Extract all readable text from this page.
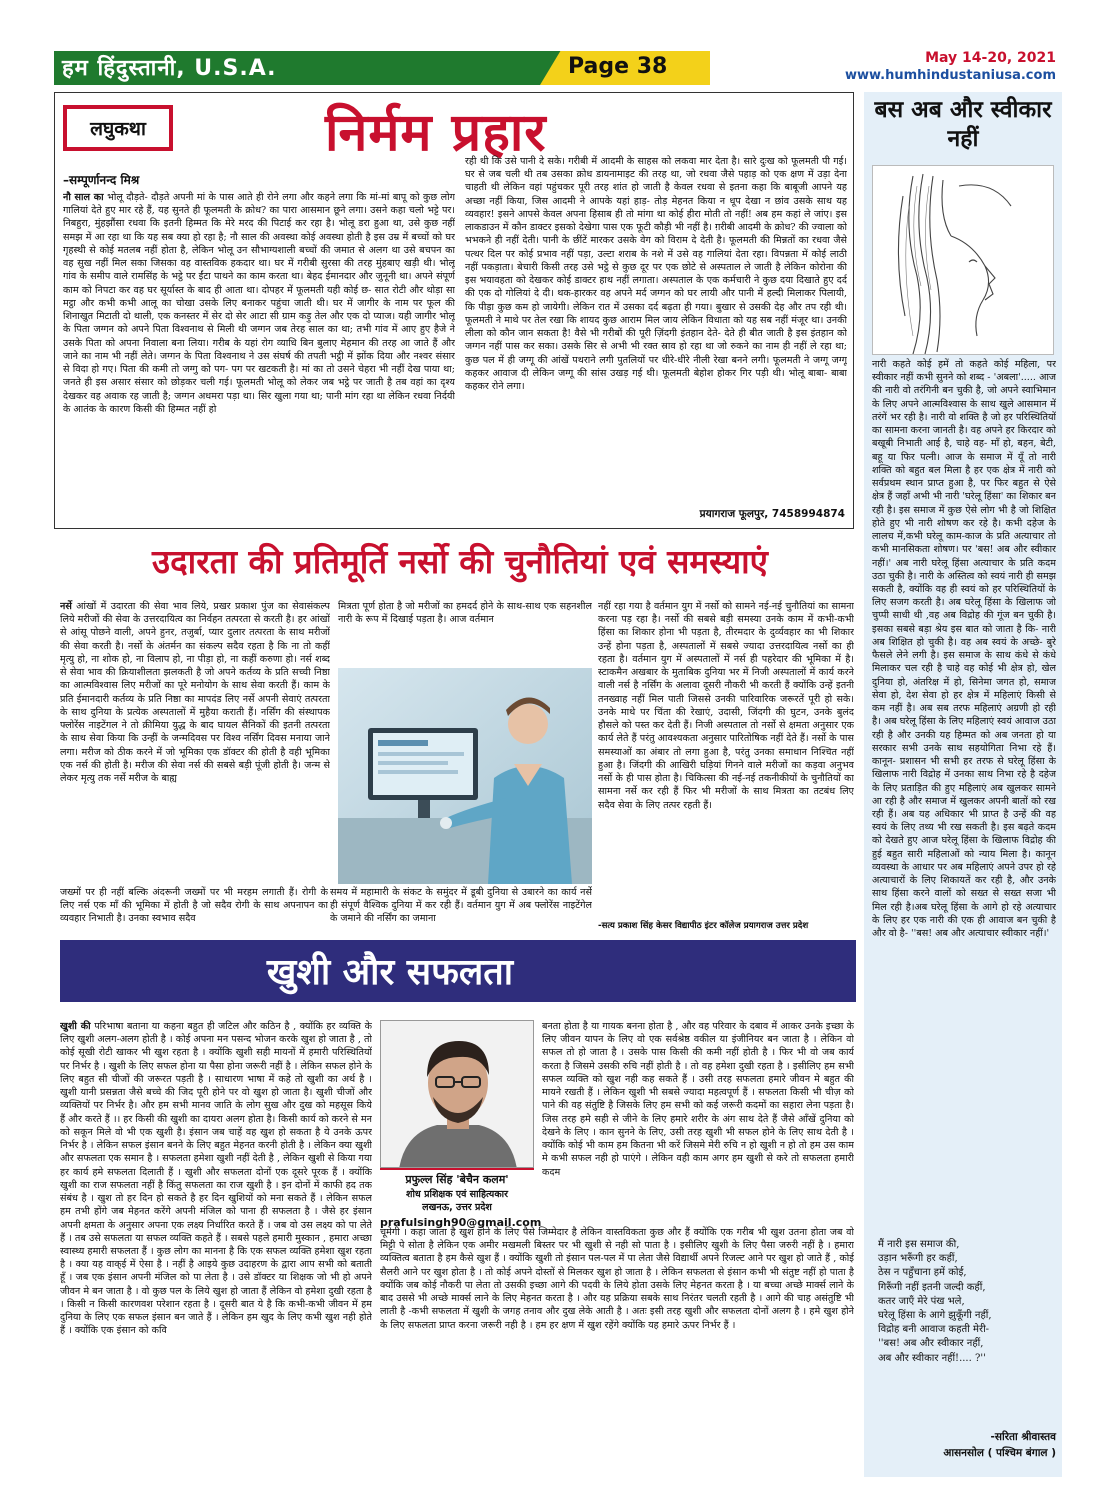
हम हिंदुस्तानी, U.S.A.	Page 38	May 14-20, 2021
www.humhindustaniusa.com
लघुकथा	निर्मम प्रहार
–सम्पूर्णानन्द मिश्र
नौ साल का भोलू दौड़ते- दौड़ते अपनी मां के पास आते ही रोने लगा और कहने लगा कि मां-मां बापू को कुछ लोग गालियां देते हुए मार रहे हैं, यह सुनते ही फूलमती के क्रोध? का पारा आसमान छूने लगा। उसने कहा चलो भट्टे पर। निबहुरा, मुंहझौंसा रधवा कि इतनी हिम्मत कि मेरे मरद की पिटाई कर रहा है। भोलू डरा हुआ था, उसे कुछ नहीं समझ में आ रहा था कि यह सब क्या हो रहा है; नौ साल की अवस्था कोई अवस्था होती है इस उम्र में बच्चों को घर गृहस्थी से कोई मतलब नहीं होता है, लेकिन भोलू उन सौभाग्यशाली बच्चों की जमात से अलग था उसे बचपन का वह सुख नहीं मिल सका जिसका वह वास्तविक हकदार था। घर में गरीबी सुरसा की तरह मुंहबाए खड़ी थी। भोलू गांव के समीप वाले रामसिंह के भट्ठे पर ईंटा पाथने का काम करता था। बेहद ईमानदार और जुनूनी था। अपने संपूर्ण काम को निपटा कर वह घर सूर्यास्त के बाद ही आता था। दोपहर में फूलमती यही कोई छ- सात रोटी और थोड़ा सा मट्ठा और कभी कभी आलू का चोखा उसके लिए बनाकर पहुंचा जाती थी। घर में जागीर के नाम पर फूल की शिनाखुत मिटाती दो थाली, एक कनस्तर में सेर दो सेर आटा सी ग्राम कड़ु तेल और एक दो प्याज। यही जागीर भोलू के पिता जग्गन को अपने पिता विश्वनाथ से मिली थी जग्गन जब तेरह साल का था; तभी गांव में आए हुए हैजे ने उसके पिता को अपना निवाला बना लिया। गरीब के यहां रोग व्याधि बिन बुलाए मेहमान की तरह आ जाते हैं और जाने का नाम भी नहीं लेते। जग्गन के पिता विश्वनाथ ने उस संघर्ष की तपती भट्ठी में झोंक दिया और नश्वर संसार से विदा हो गए। पिता की कमी तो जग्गु को पग- पग पर खटकती है। मां का तो उसने चेहरा भी नहीं देख पाया था; जनते ही इस असार संसार को छोड़कर चली गई। फूलमती भोलू को लेकर जब भट्ठे पर जाती है तब वहां का दृश्य देखकर वह अवाक रह जाती है; जग्गन अधमरा पड़ा था। सिर खुला गया था; पानी मांग रहा था लेकिन रधवा निर्दयी के आतंक के कारण किसी की हिम्मत नहीं हो
रही थी कि उसे पानी दे सके। गरीबी में आदमी के साहस को लकवा मार देता है। सारे दुःख को फूलमती पी गई। घर से जब चली थी तब उसका क्रोध डायनामाइट की तरह था, जो रधवा जैसे पहाड़ को एक क्षण में उड़ा देना चाहती थी लेकिन वहां पहुंचकर पूरी तरह शांत हो जाती है केवल रधवा से इतना कहा कि बाबूजी आपने यह अच्छा नहीं किया, जिस आदमी ने आपके यहां हाड़- तोड़ मेहनत किया न धूप देखा न छांव उसके साथ यह व्यवहार! इसने आपसे केवल अपना हिसाब ही तो मांगा था कोई हीरा मोती तो नहीं! अब हम कहां ले जांए। इस लाकडाउन में कौन डाक्टर इसको देखेगा पास एक फूटी कौड़ी भी नहीं है। ग़रीबी आदमी के क्रोध? की ज्वाला को भभकने ही नहीं देती। पानी के छींटें मारकर उसके वेग को विराम दे देती है। फूलमती की मिन्नतों का रधवा जैसे पत्थर दिल पर कोई प्रभाव नहीं पड़ा, उल्टा शराब के नशे में उसे वह गालियां देता रहा। विपन्नता में कोई लाठी नहीं पकड़ाता। बेचारी किसी तरह उसे भट्ठे से कुछ दूर पर एक छोटे से अस्पताल ले जाती है लेकिन कोरोना की इस भयावहता को देखकर कोई डाक्टर हाथ नहीं लगाता। अस्पताल के एक कर्मचारी ने कुछ दया दिखाते हुए दर्द की एक दो गोलियां दे दी। थक-हारकर वह अपने मर्द जग्गन को घर लायी और पानी में हल्दी मिलाकर पिलायी, कि पीड़ा कुछ कम हो जायेगी। लेकिन रात में उसका दर्द बढ़ता ही गया। बुखार से उसकी देह और तप रही थी। फूलमती ने माथे पर तेल रखा कि शायद कुछ आराम मिल जाय लेकिन विधाता को यह सब नहीं मंजूर था। उनकी लीला को कौन जान सकता है! वैसे भी गरीबों की पूरी ज़िंदगी इंतहान देते- देते ही बीत जाती है इस इंतहान को जग्गन नहीं पास कर सका। उसके सिर से अभी भी रक्त स्राव हो रहा था जो रुकने का नाम ही नहीं ले रहा था; कुछ पल में ही जग्गू की आंखें पथराने लगी पुतलियों पर धीरे-धीरे नीली रेखा बनने लगी। फूलमती ने जग्गू जग्गू कहकर आवाज दी लेकिन जग्गू की सांस उखड़ गई थी। फूलमती बेहोश होकर गिर पड़ी थी। भोलू बाबा- बाबा कहकर रोने लगा।
प्रयागराज फूलपुर, 7458994874
उदारता की प्रतिमूर्ति नर्सो की चुनौतियां एवं समस्याएं
नर्से आंखों में उदारता की सेवा भाव लिये, प्रखर प्रकाश पुंज का सेवासंकल्प लिये मरीजों की सेवा के उत्तरदायित्व का निर्वहन तत्परता से करती है। हर आंखों से आंसू पोछने वाली, अपने हुनर, तजुर्बा, प्यार दुलार तत्परता के साथ मरीजों की सेवा करती है। नर्सो के अंतर्मन का संकल्प सदैव रहता है कि ना तो कहीं मृत्यु हो, ना शोक हो, ना विलाप हो, ना पीड़ा हो, ना कहीं करुणा हो। नर्स शब्द से सेवा भाव की क्रियाशीलता झलकती है जो अपने कर्तव्य के प्रति सच्ची निष्ठा का आत्मविश्वास लिए मरीजों का पूरे मनोयोग के साथ सेवा करती हैं। काम के प्रति ईमानदारी कर्तव्य के प्रति निष्ठा का मापदंड लिए नर्से अपनी सेवाएं तत्परता के साथ दुनिया के प्रत्येक अस्पतालों में मुहैया कराती हैं। नर्सिंग की संस्थापक फ्लोरेंस नाइटेंगल ने तो क्रीमिया युद्ध के बाद घायल सैनिकों की इतनी तत्परता के साथ सेवा किया कि उन्हीं के जन्मदिवस पर विश्व नर्सिंग दिवस मनाया जाने लगा। मरीज को ठीक करने में जो भूमिका एक डॉक्टर की होती है वही भूमिका एक नर्स की होती है। मरीज की सेवा नर्स की सबसे बड़ी पूंजी होती है। जन्म से लेकर मृत्यु तक नर्से मरीज के बाह्य
मित्रता पूर्ण होता है जो मरीजों का हमदर्द होने के साथ-साथ एक सहनशील नारी के रूप में दिखाई पड़ता है। आज वर्तमान
जख्मों पर ही नहीं बल्कि अंदरूनी जख्मों पर भी मरहम लगाती हैं। रोगी के लिए नर्स एक माँ की भूमिका में होती है जो सदैव रोगी के साथ अपनापन का व्यवहार निभाती है। उनका स्वभाव सदैव
समय में महामारी के संकट के समुंदर में डूबी दुनिया से उबारने का कार्य नर्से ही संपूर्ण वैश्विक दुनिया में कर रही हैं। वर्तमान युग में अब फ्लोरेंस नाइटेंगेल के जमाने की नर्सिंग का जमाना
नहीं रहा गया है वर्तमान युग में नर्सो को सामने नई-नई चुनौतियां का सामना करना पड़ रहा है। नर्सो की सबसे बड़ी समस्या उनके काम में कभी-कभी हिंसा का शिकार होना भी पड़ता है, तीरमदार के दुर्व्यवहार का भी शिकार उन्हें होना पड़ता है, अस्पतालों में सबसे ज्यादा उत्तरदायित्व नर्सो का ही रहता है। वर्तमान युग में अस्पतालों में नर्स ही पहरेदार की भूमिका में है। स्टाकमैन अखबार के मुताबिक दुनिया भर में निजी अस्पतालों में कार्य करने वाली नर्स है नर्सिंग के अलावा दूसरी नौकरी भी करती हैं क्योंकि उन्हें इतनी तनख्वाह नहीं मिल पाती जिससे उनकी पारिवारिक जरूरतें पूरी हो सके। उनके माथे पर चिंता की रेखाएं, उदासी, जिंदगी की घुटन, उनके बुलंद हौसले को पस्त कर देती हैं। निजी अस्पताल तो नर्सो से क्षमता अनुसार एक कार्य लेते हैं परंतु आवश्यकता अनुसार पारितोषिक नहीं देते हैं। नर्सो के पास समस्याओं का अंबार तो लगा हुआ है, परंतु उनका समाधान निश्चित नहीं हुआ है। जिंदगी की आखिरी घड़ियां गिनने वाले मरीजों का कड़वा अनुभव नर्सो के ही पास होता है। चिकित्सा की नई-नई तकनीकीयों के चुनौतियों का सामना नर्से कर रही हैं फिर भी मरीजों के साथ मित्रता का तटबंध लिए सदैव सेवा के लिए तत्पर रहती हैं।
-सत्य प्रकाश सिंह केसर विद्यापीठ इंटर कॉलेज प्रयागराज उत्तर प्रदेश
खुशी और सफलता
खुशी की परिभाषा बताना या कहना बहुत ही जटिल और कठिन है , क्योंकि हर व्यक्ति के लिए खुशी अलग-अलग होती है । कोई अपना मन पसन्द भोजन करके खुश हो जाता है , तो कोई सूखी रोटी खाकर भी खुश रहता है । क्योंकि खुशी सही मायनों में हमारी परिस्थितियों पर निर्भर है । खुशी के लिए सफल होना या पैसा होना जरूरी नहीं है । लेकिन सफल होने के लिए बहुत सी चीजों की जरूरत पड़ती है । साधारण भाषा में कहे तो खुशी का अर्थ है । खुशी यानी प्रसन्नता जैसे बच्चे की जिद पूरी होने पर वो खुश हो जाता है। खुशी चीजों और व्यक्तियों पर निर्भर है। और हम सभी मानव जाति के लोग सुख और दुख को महसूस किये हैं और करते हैं ।। हर किसी की खुशी का दायरा अलग होता है। किसी कार्य को करने से मन को सकून मिले वो भी एक खुशी है। इंसान जब चाहें वह खुश हो सकता है ये उनके ऊपर निर्भर है । लेकिन सफल इंसान बनने के लिए बहुत मेहनत करनी होती है । लेकिन क्या खुशी और सफलता एक समान है । सफलता हमेशा खुशी नहीं देती है , लेकिन खुशी से किया गया हर कार्य हमे सफलता दिलाती हैं । खुशी और सफलता दोनों एक दूसरे पूरक हैं । क्योंकि खुशी का राज सफलता नहीं है किंतु सफलता का राज खुशी है । इन दोनों में काफी हद तक संबंध है । खुश तो हर दिन हो सकते है हर दिन खुशियों को मना सकते हैं । लेकिन सफल हम तभी होंगे जब मेहनत करेंगे अपनी मंजिल को पाना ही सफलता है । जैसे हर इंसान अपनी क्षमता के अनुसार अपना एक लक्ष्य निर्धारित करते हैं । जब वो उस लक्ष्य को पा लेते हैं । तब उसे सफलता या सफल व्यक्ति कहते हैं । सबसे पहले हमारी मुस्कान , हमारा अच्छा स्वास्थ्य हमारी सफलता हैं । कुछ लोग का मानना है कि एक सफल व्यक्ति हमेशा खुश रहता है । क्या यह वाक्ई में ऐसा है । नहीं है आइये कुछ उदाहरण के द्वारा आप सभी को बताती हूँ । जब एक इंसान अपनी मंजिल को पा लेता है । उसे डॉक्टर या शिक्षक जो भी हो अपने जीवन मे बन जाता है । वो कुछ पल के लिये खुश हो जाता हैं लेकिन वो हमेशा दुखी रहता है । किसी न किसी कारणवश परेशान रहता है । दूसरी बात ये है कि कभी-कभी जीवन में हम दुनिया के लिए एक सफल इंसान बन जाते हैं । लेकिन हम खुद के लिए कभी खुश नही होते हैं । क्योंकि एक इंसान को कवि
प्रफुल्ल सिंह 'बेचैन कलम'
शोध प्रशिक्षक एवं साहित्यकार
लखनऊ, उत्तर प्रदेश
prafulsingh90@gmail.com
बनता होता है या गायक बनना होता है , और वह परिवार के दबाव में आकर उनके इच्छा के लिए जीवन यापन के लिए वो एक सर्वश्रेष्ठ वकील या इंजीनियर बन जाता है । लेकिन वो सफल तो हो जाता है । उसके पास किसी की कमी नहीं होती है । फिर भी वो जब कार्य करता है जिसमे उसकी रुचि नहीं होती है । तो वह हमेशा दुखी रहता है । इसीलिए हम सभी सफल व्यक्ति को खुश नही कह सकते हैं । उसी तरह सफलता हमारे जीवन मे बहुत की मायने रखती हैं । लेकिन खुशी भी सबसे ज्यादा महत्वपूर्ण हैं । सफलता किसी भी चीज़ को पाने की वह संतुष्टि है जिसके लिए हम सभी को कई जरूरी कदमों का सहारा लेना पड़ता है। जिस तरह हमे सही से जीने के लिए हमारे शरीर के अंग साथ देते हैं जैसे आँखें दुनिया को देखने के लिए । कान सुनने के लिए, उसी तरह खुशी भी सफल होने के लिए साथ देती है । क्योंकि कोई भी काम हम कितना भी करें जिसमे मेरी रुचि न हो खुशी न हो तो हम उस काम मे कभी सफल नही हो पाएंगे । लेकिन वही काम अगर हम खुशी से करे तो सफलता हमारी कदम
चूमेगी । कहा जाता है खुश होने के लिए पैसे जिम्मेदार है लेकिन वास्तविकता कुछ और हैं क्योंकि एक गरीब भी खुश उतना होता जब वो मिट्टी पे सोता है लेकिन एक अमीर मखमली बिस्तर पर भी खुशी से नही सो पाता है । इसीलिए खुशी के लिए पैसा जरुरी नहीं है । हमारा व्यक्तित्व बताता है हम कैसे खुश हैं । क्योंकि खुशी तो इंसान पल-पल में पा लेता जैसे विद्यार्थी अपने रिजल्ट आने पर खुश हो जाते हैं , कोई सैलरी आने पर खुश होता है । तो कोई अपने दोस्तों से मिलकर खुश हो जाता है । लेकिन सफलता से इंसान कभी भी संतुष्ट नहीं हो पाता है क्योंकि जब कोई नौकरी पा लेता तो उसकी इच्छा आगे की पदवी के लिये होता उसके लिए मेहनत करता है । या बच्चा अच्छे मार्क्स लाने के बाद उससे भी अच्छे मार्क्स लाने के लिए मेहनत करता है । और यह प्रक्रिया सबके साथ निरंतर चलती रहती है । आगे की चाह असंतुष्टि भी लाती है -कभी सफलता में खुशी के जगह तनाव और दुख लेके आती है । अतः इसी तरह खुशी और सफलता दोनों अलग है । हमे खुश होने के लिए सफलता प्राप्त करना जरूरी नही है । हम हर क्षण में खुश रहेंगे क्योंकि यह हमारे ऊपर निर्भर हैं ।
बस अब और स्वीकार नहीं
नारी कहते कोई हमें तो कहते कोई महिला, पर स्वीकार नहीं कभी सुनने को शब्द - 'अबला'..... आज की नारी वो तरंगिनी बन चुकी है, जो अपने स्वाभिमान के लिए अपने आत्मविश्वास के साथ खुले आसमान में तरंगें भर रही है। नारी वो शक्ति है जो हर परिस्थितियों का सामना करना जानती है। वह अपने हर किरदार को बखूबी निभाती आई है, चाहे वह- माँ हो, बहन, बेटी, बहू या फिर पत्नी। आज के समाज में यूँ तो नारी शक्ति को बहुत बल मिला है हर एक क्षेत्र में नारी को सर्वप्रथम स्थान प्राप्त हुआ है, पर फिर बहुत से ऐसे क्षेत्र हैं जहाँ अभी भी नारी 'घरेलू हिंसा' का शिकार बन रही है। इस समाज में कुछ ऐसे लोग भी है जो शिक्षित होते हुए भी नारी शोषण कर रहे है। कभी दहेज के लालच में,कभी घरेलू काम-काज के प्रति अत्याचार तो कभी मानसिकता शोषण। पर 'बस! अब और स्वीकार नहीं।' अब नारी घरेलू हिंसा अत्याचार के प्रति कदम उठा चुकी है। नारी के अस्तित्व को स्वयं नारी ही समझ सकती है, क्योंकि वह ही स्वयं को हर परिस्थितियों के लिए सजग करती है। अब घरेलू हिंसा के खिलाफ जो चुप्पी साधी थी ,वह अब विद्रोह की गूंज बन चुकी है। इसका सबसे बड़ा श्रेय इस बात को जाता है कि- नारी अब शिक्षित हो चुकी है। वह अब स्वयं के अच्छे- बुरे फैसले लेने लगी है। इस समाज के साथ कंधे से कंधे मिलाकर चल रही है चाहे वह कोई भी क्षेत्र हो, खेल दुनिया हो, अंतरिक्ष में हो, सिनेमा जगत हो, समाज सेवा हो, देश सेवा हो हर क्षेत्र में महिलाएं किसी से कम नहीं है। अब सब तरफ महिलाएं अग्रणी हो रही है। अब घरेलू हिंसा के लिए महिलाएं स्वयं आवाज उठा रही है और उनकी यह हिम्मत को अब जनता हो या सरकार सभी उनके साथ सहयोगिता निभा रहे हैं। कानून- प्रशासन भी सभी हर तरफ से घरेलू हिंसा के खिलाफ नारी विद्रोह में उनका साथ निभा रहे है दहेज के लिए प्रताड़ित की हुए महिलाएं अब खुलकर सामने आ रही है और समाज में खुलकर अपनी बातों को रख रही हैं। अब यह अधिकार भी प्राप्त है उन्हें की वह स्वयं के लिए तथ्य भी रख सकती है। इस बढ़ते कदम को देखते हुए आज घरेलू हिंसा के खिलाफ विद्रोह की हुई बहुत सारी महिलाओं को न्याय मिला है। कानून व्यवस्था के आधार पर अब महिलाएं अपने उपर हो रहे अत्याचारों के लिए शिकायतें कर रही है, और उनके साथ हिंसा करने वालों को सख्त से सख्त सजा भी मिल रही है।अब घरेलू हिंसा के आगे हो रहे अत्याचार के लिए हर एक नारी की एक ही आवाज बन चुकी है और वो है- ''बस! अब और अत्याचार स्वीकार नहीं।'
मैं नारी इस समाज की,
उड़ान भरूँगी हर कहीं,
ठेस न पहुँचाना हमें कोई,
गिरूँगी नहीं इतनी जल्दी कहीं,
कतर जाएँ मेरे पंख भले,
घरेलू हिंसा के आगे झुकूँगी नहीं,
विद्रोह बनी आवाज कहती मेरी-
''बस! अब और स्वीकार नहीं,
अब और स्वीकार नहीं!.... ?''
-सरिता श्रीवास्तव
आसनसोल ( पश्चिम बंगाल )
